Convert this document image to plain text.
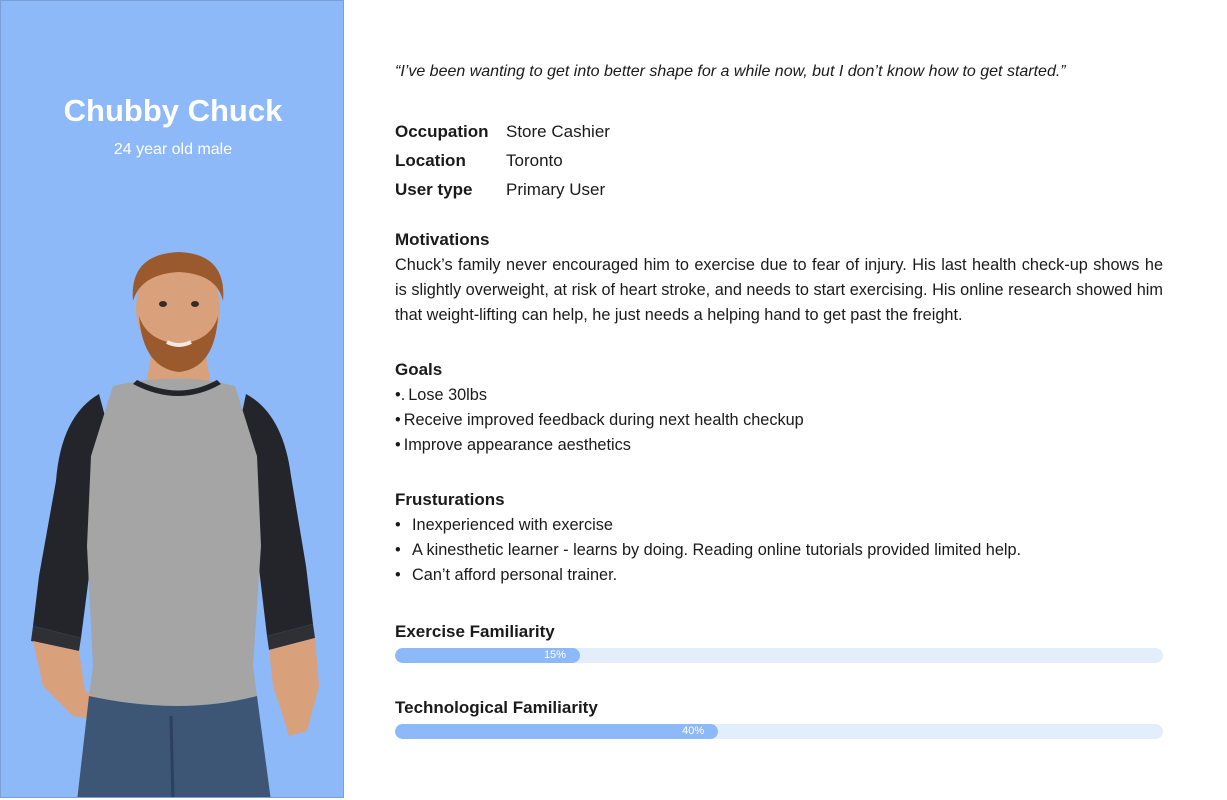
Chubby Chuck
24 year old male
“I’ve been wanting to get into better shape for a while now, but I don’t know how to get started.”
Occupation	Store Cashier
Location	Toronto
User type	Primary User
Motivations
Chuck’s family never encouraged him to exercise due to fear of injury. His last health check-up shows he is slightly overweight, at risk of heart stroke, and needs to start exercising. His online research showed him that weight-lifting can help, he just needs a helping hand to get past the freight.
Goals
•. Lose 30lbs
• Receive improved feedback during next health checkup
• Improve appearance aesthetics
Frusturations
• Inexperienced with exercise
• A kinesthetic learner - learns by doing. Reading online tutorials provided limited help.
• Can’t afford personal trainer.
Exercise Familiarity
15%
Technological Familiarity
40%
